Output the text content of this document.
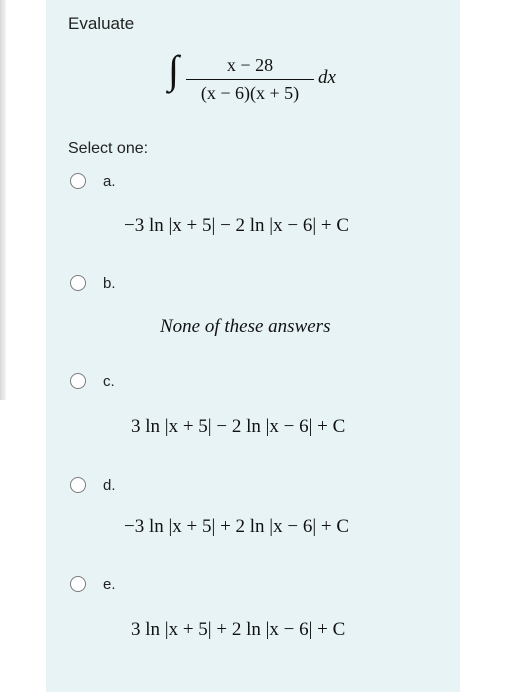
Evaluate
∫	x − 28
(x − 6)(x + 5)
dx
Select one:
a.
−3 ln |x + 5| − 2 ln |x − 6| + C
b.
None of these answers
c.
3 ln |x + 5| − 2 ln |x − 6| + C
d.
−3 ln |x + 5| + 2 ln |x − 6| + C
e.
3 ln |x + 5| + 2 ln |x − 6| + C
